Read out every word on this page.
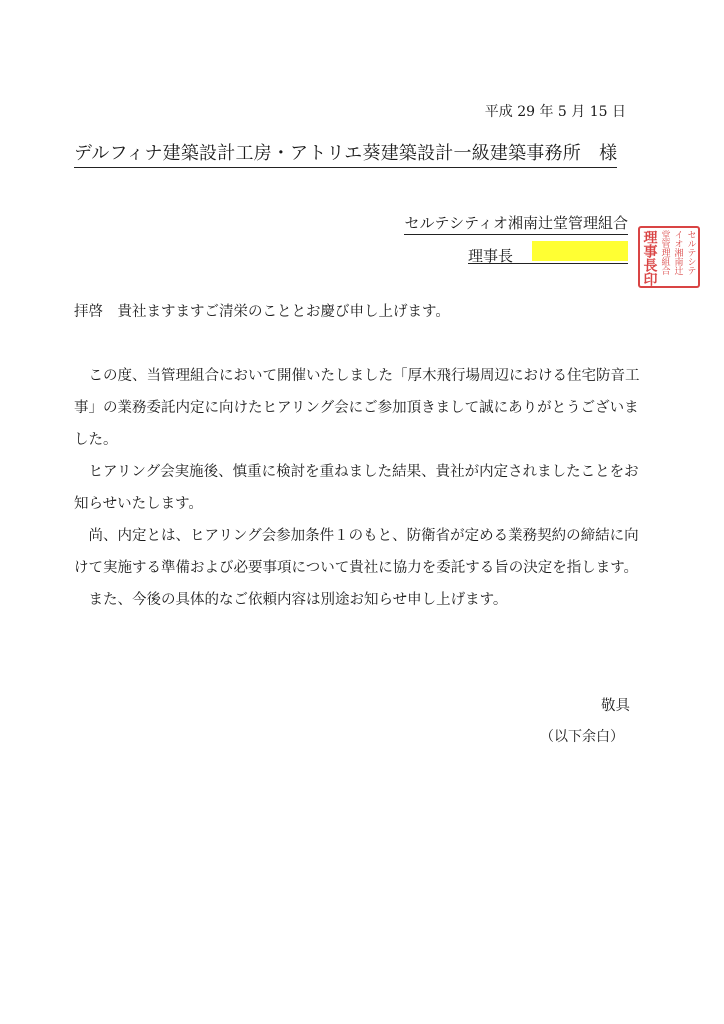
平成 29 年 5 月 15 日
デルフィナ建築設計工房・アトリエ葵建築設計一級建築事務所　様
セルテシティオ湘南辻堂管理組合
理事長	セルテシテ
イオ湘南辻
堂管理組合
理事長印

拝啓　貴社ますますご清栄のこととお慶び申し上げます。

この度、当管理組合において開催いたしました「厚木飛行場周辺における住宅防音工事」の業務委託内定に向けたヒアリング会にご参加頂きまして誠にありがとうございました。

ヒアリング会実施後、慎重に検討を重ねました結果、貴社が内定されましたことをお知らせいたします。

尚、内定とは、ヒアリング会参加条件１のもと、防衛省が定める業務契約の締結に向けて実施する準備および必要事項について貴社に協力を委託する旨の決定を指します。

また、今後の具体的なご依頼内容は別途お知らせ申し上げます。

敬具
（以下余白）
